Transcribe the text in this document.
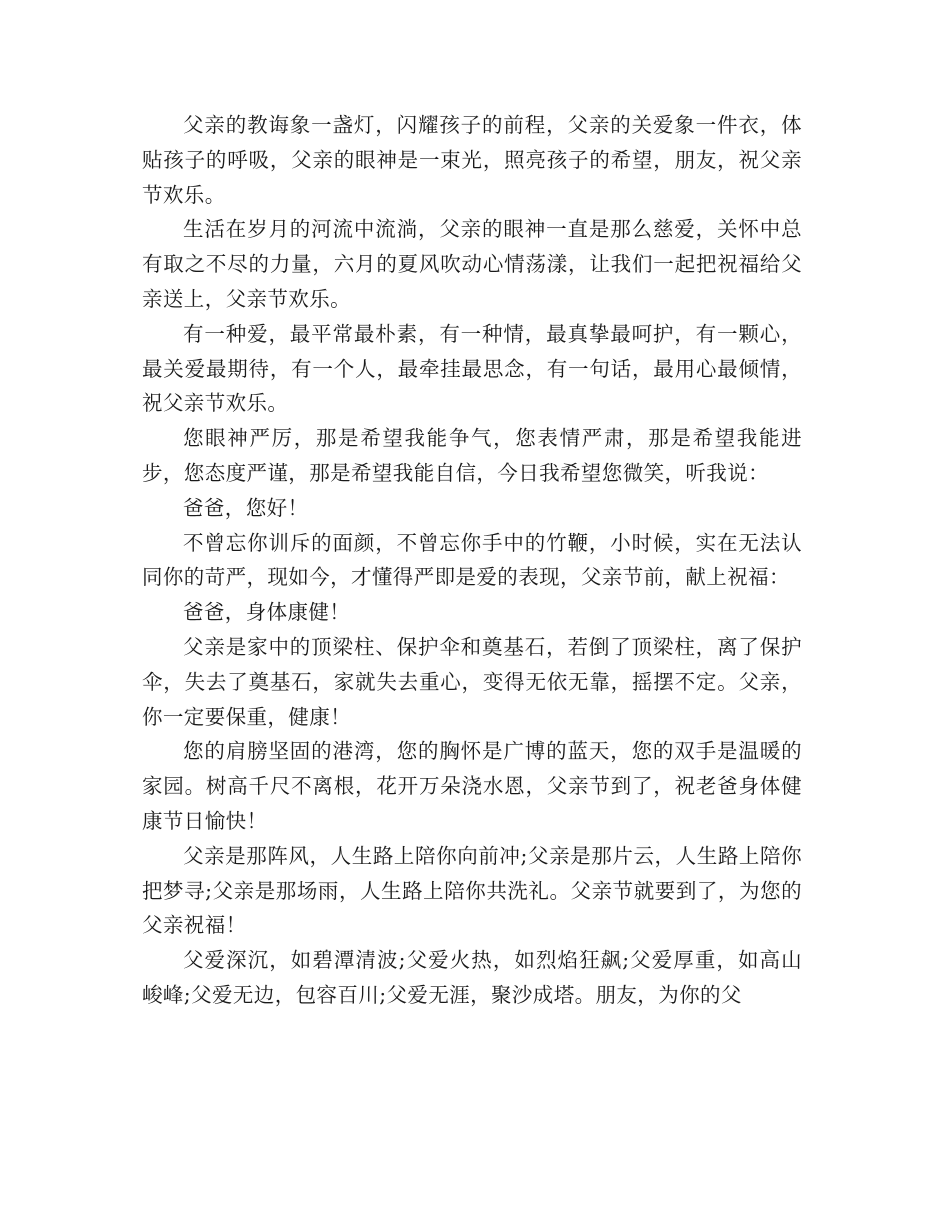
父亲的教诲象一盏灯，闪耀孩子的前程，父亲的关爱象一件衣，体贴孩子的呼吸，父亲的眼神是一束光，照亮孩子的希望，朋友，祝父亲节欢乐。

生活在岁月的河流中流淌，父亲的眼神一直是那么慈爱，关怀中总有取之不尽的力量，六月的夏风吹动心情荡漾，让我们一起把祝福给父亲送上，父亲节欢乐。

有一种爱，最平常最朴素，有一种情，最真挚最呵护，有一颗心，最关爱最期待，有一个人，最牵挂最思念，有一句话，最用心最倾情，祝父亲节欢乐。

您眼神严厉，那是希望我能争气，您表情严肃，那是希望我能进步，您态度严谨，那是希望我能自信，今日我希望您微笑，听我说：

爸爸，您好！

不曾忘你训斥的面颜，不曾忘你手中的竹鞭，小时候，实在无法认同你的苛严，现如今，才懂得严即是爱的表现，父亲节前，献上祝福：

爸爸，身体康健！

父亲是家中的顶梁柱、保护伞和奠基石，若倒了顶梁柱，离了保护伞，失去了奠基石，家就失去重心，变得无依无靠，摇摆不定。父亲，你一定要保重，健康！

您的肩膀坚固的港湾，您的胸怀是广博的蓝天，您的双手是温暖的家园。树高千尺不离根，花开万朵浇水恩，父亲节到了，祝老爸身体健康节日愉快！

父亲是那阵风，人生路上陪你向前冲;父亲是那片云，人生路上陪你把梦寻;父亲是那场雨，人生路上陪你共洗礼。父亲节就要到了，为您的父亲祝福！

父爱深沉，如碧潭清波;父爱火热，如烈焰狂飙;父爱厚重，如高山峻峰;父爱无边，包容百川;父爱无涯，聚沙成塔。朋友，为你的父
